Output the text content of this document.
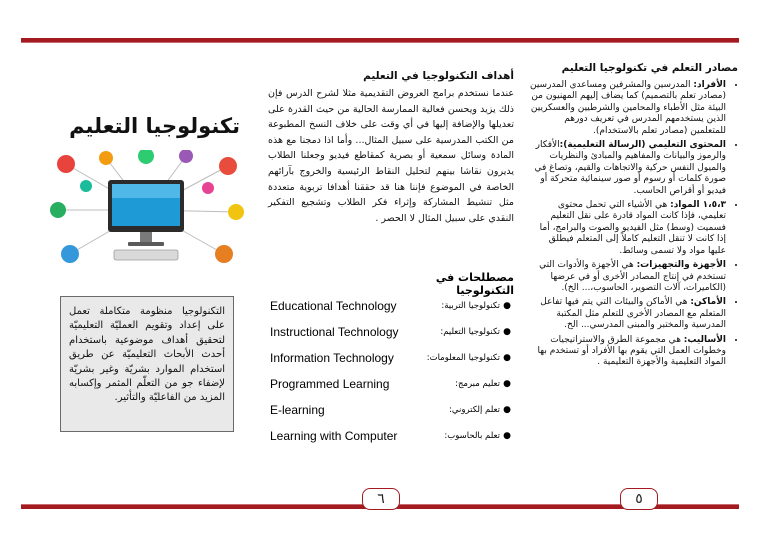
مصادر التعلم في تكنولوجيا التعليم
• الأفراد: المدرسين والمشرفين ومساعدي المدرسين (مصادر تعلم بالتصميم) كما يضاف إليهم المهنيون من البيئة مثل الأطباء والمحامين والشرطيين والعسكريين الذين يستخدمهم المدرس في تعريف دورهم للمتعلمين (مصادر تعلم بالاستخدام).
• المحتوى التعليمي (الرسالة التعليمية):الأفكار والرموز والبيانات والمفاهيم والمبادئ والنظريات والميول النفس حركية والاتجاهات والقيم، وتصاغ في صورة كلمات أو رسوم أو صور سينمائية متحركة أو فيديو أو أقراص الحاسب.
• ١،٥،٣ المواد: هي الأشياء التي تحمل محتوى تعليمي، فإذا كانت المواد قادرة على نقل التعليم فسميت (وسط) مثل الفيديو والصوت والبرامج، أما إذا كانت لا تنقل التعليم كاملاً إلى المتعلم فيطلق عليها مواد ولا تسمى وسائط.
• الأجهزة والتجهيزات: هي الأجهزة والأدوات التي تستخدم في إنتاج المصادر الأخرى أو في عرضها (الكاميرات، آلات التصوير، الحاسوب،... الخ).
• الأماكن: هي الأماكن والبيئات التي يتم فيها تفاعل المتعلم مع المصادر الأخرى للتعلم مثل المكتبة المدرسية والمختبر والمبنى المدرسي... الخ.
• الأساليب: هي مجموعة الطرق والاستراتيجيات وخطوات العمل التي يقوم بها الأفراد أو تستخدم بها المواد التعليمية والأجهزة التعليمية .
أهداف التكنولوجيا في التعليم

عندما نستخدم برامج العروض التقديمية مثلا لشرح الدرس فإن ذلك يزيد ويحسن فعالية الممارسة الحالية من حيث القدرة على تعديلها والإضافة إليها في أي وقت على خلاف النسخ المطبوعة من الكتب المدرسية على سبيل المثال... وأما اذا دمجنا مع هذه المادة وسائل سمعية أو بصرية كمقاطع فيديو وجعلنا الطلاب يديرون نقاشا بينهم لتحليل النقاط الرئيسية والخروج بآرائهم الخاصة في الموضوع فإننا هنا قد حققنا أهدافا تربوية متعددة مثل تنشيط المشاركة وإثراء فكر الطلاب وتشجيع التفكير النقدي على سبيل المثال لا الحصر .

مصطلحات في التكنولوجيا
●
تكنولوجيا التربية:
Educational Technology
●
تكنولوجيا التعليم:
Instructional Technology
●
تكنولوجيا المعلومات:
Information Technology
●
تعليم مبرمج:
Programmed Learning
●
تعلم إلكتروني:
E-learning
●
تعلم بالحاسوب:
Learning with Computer
تكنولوجيا التعليم
التكنولوجيا منظومة متكاملة تعمل على إعداد وتقويم العمليّة التعليميّة لتحقيق أهداف موضوعية باستخدام أحدث الأبحاث التعليميّة عن طريق استخدام الموارد بشريّة وغير بشريّة لإضفاء جو من التعلّم المثمر وإكسابه المزيد من الفاعليّة والتأثير.
٦	٥
